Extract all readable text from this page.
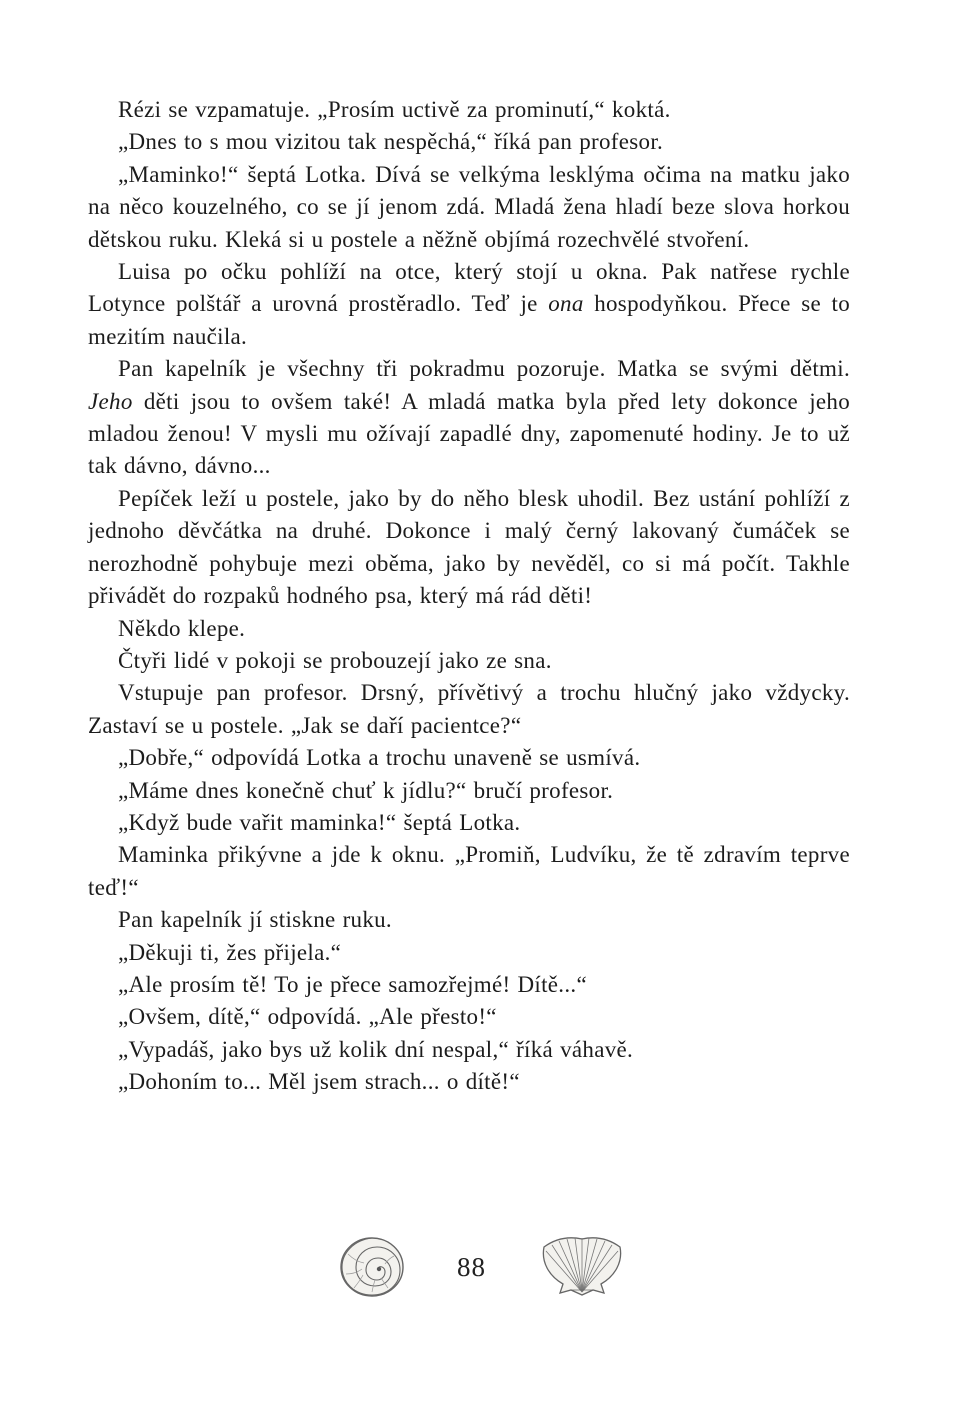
Rézi se vzpamatuje. „Prosím uctivě za prominutí,“ koktá.

„Dnes to s mou vizitou tak nespěchá,“ říká pan profesor.

„Maminko!“ šeptá Lotka. Dívá se velkýma lesklýma očima na matku jako na něco kouzelného, co se jí jenom zdá. Mladá žena hladí beze slova horkou dětskou ruku. Kleká si u postele a něžně objímá rozechvělé stvoření.

Luisa po očku pohlíží na otce, který stojí u okna. Pak natřese rychle Lotynce polštář a urovná prostěradlo. Teď je ona hospodyňkou. Přece se to mezitím naučila.

Pan kapelník je všechny tři pokradmu pozoruje. Matka se svými dětmi. Jeho děti jsou to ovšem také! A mladá matka byla před lety dokonce jeho mladou ženou! V mysli mu ožívají zapadlé dny, zapomenuté hodiny. Je to už tak dávno, dávno...

Pepíček leží u postele, jako by do něho blesk uhodil. Bez ustání pohlíží z jednoho děvčátka na druhé. Dokonce i malý černý lakovaný čumáček se nerozhodně pohybuje mezi oběma, jako by nevěděl, co si má počít. Takhle přivádět do rozpaků hodného psa, který má rád děti!

Někdo klepe.

Čtyři lidé v pokoji se probouzejí jako ze sna.

Vstupuje pan profesor. Drsný, přívětivý a trochu hlučný jako vždycky. Zastaví se u postele. „Jak se daří pacientce?“

„Dobře,“ odpovídá Lotka a trochu unaveně se usmívá.

„Máme dnes konečně chuť k jídlu?“ bručí profesor.

„Když bude vařit maminka!“ šeptá Lotka.

Maminka přikývne a jde k oknu. „Promiň, Ludvíku, že tě zdravím teprve teď!“

Pan kapelník jí stiskne ruku.

„Děkuji ti, žes přijela.“

„Ale prosím tě! To je přece samozřejmé! Dítě...“

„Ovšem, dítě,“ odpovídá. „Ale přesto!“

„Vypadáš, jako bys už kolik dní nespal,“ říká váhavě.

„Dohoním to... Měl jsem strach... o dítě!“

88
